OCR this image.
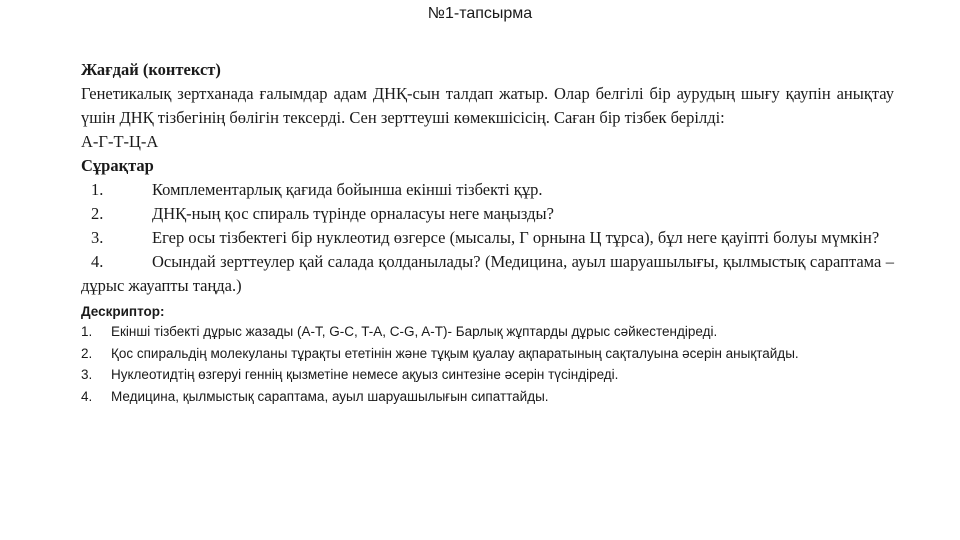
№1-тапсырма
Жағдай (контекст)
Генетикалық зертханада ғалымдар адам ДНҚ-сын талдап жатыр. Олар белгілі бір аурудың шығу қаупін анықтау үшін ДНҚ тізбегінің бөлігін тексерді. Сен зерттеуші көмекшісісің. Саған бір тізбек берілді:
А-Г-Т-Ц-А
Сұрақтар
1.	Комплементарлық қағида бойынша екінші тізбекті құр.
2.	ДНҚ-ның қос спираль түрінде орналасуы неге маңызды?
3.	Егер осы тізбектегі бір нуклеотид өзгерсе (мысалы, Г орнына Ц тұрса), бұл неге қауіпті болуы мүмкін?
4.	Осындай зерттеулер қай салада қолданылады? (Медицина, ауыл шаруашылығы, қылмыстық сараптама – дұрыс жауапты таңда.)
Дескриптор:
1. Екінші тізбекті дұрыс жазады (А-Т, G-C, T-A, C-G, A-T)- Барлық жұптарды дұрыс сәйкестендіреді.
2. Қос спиральдің молекуланы тұрақты ететінін және тұқым қуалау ақпаратының сақталуына әсерін анықтайды.
3. Нуклеотидтің өзгеруі геннің қызметіне немесе ақуыз синтезіне әсерін түсіндіреді.
4. Медицина, қылмыстық сараптама, ауыл шаруашылығын сипаттайды.
